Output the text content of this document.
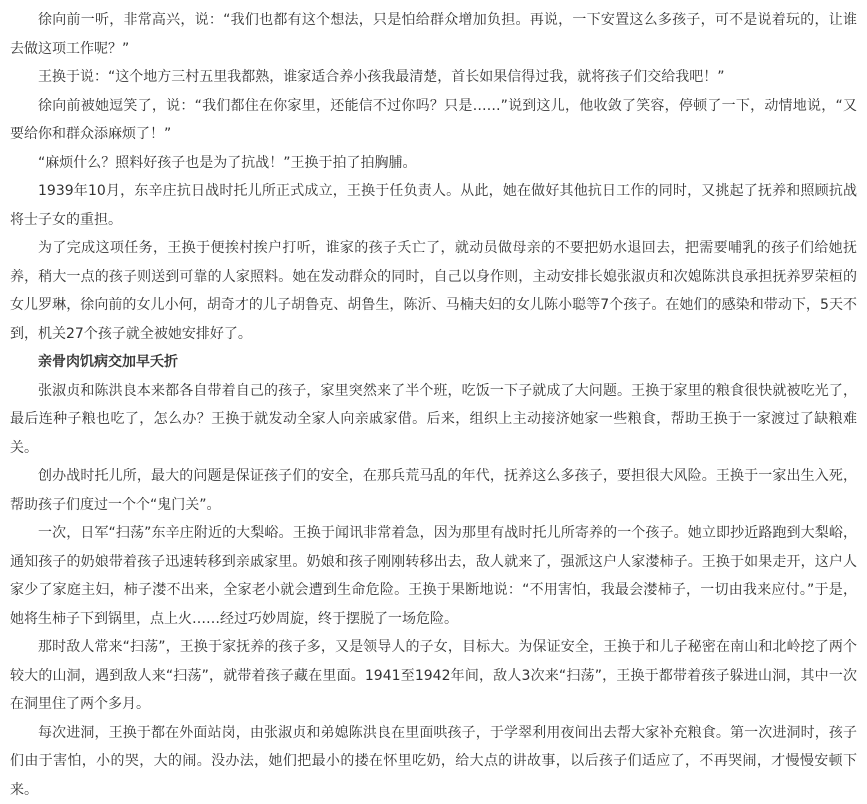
徐向前一听，非常高兴，说：“我们也都有这个想法，只是怕给群众增加负担。再说，一下安置这么多孩子，可不是说着玩的，让谁去做这项工作呢？”

王换于说：“这个地方三村五里我都熟，谁家适合养小孩我最清楚，首长如果信得过我，就将孩子们交给我吧！”

徐向前被她逗笑了，说：“我们都住在你家里，还能信不过你吗？只是……”说到这儿，他收敛了笑容，停顿了一下，动情地说，“又要给你和群众添麻烦了！”

“麻烦什么？照料好孩子也是为了抗战！”王换于拍了拍胸脯。

1939年10月，东辛庄抗日战时托儿所正式成立，王换于任负责人。从此，她在做好其他抗日工作的同时，又挑起了抚养和照顾抗战将士子女的重担。

为了完成这项任务，王换于便挨村挨户打听，谁家的孩子夭亡了，就动员做母亲的不要把奶水退回去，把需要哺乳的孩子们给她抚养，稍大一点的孩子则送到可靠的人家照料。她在发动群众的同时，自己以身作则，主动安排长媳张淑贞和次媳陈洪良承担抚养罗荣桓的女儿罗琳，徐向前的女儿小何，胡奇才的儿子胡鲁克、胡鲁生，陈沂、马楠夫妇的女儿陈小聪等7个孩子。在她们的感染和带动下，5天不到，机关27个孩子就全被她安排好了。

亲骨肉饥病交加早夭折

张淑贞和陈洪良本来都各自带着自己的孩子，家里突然来了半个班，吃饭一下子就成了大问题。王换于家里的粮食很快就被吃光了，最后连种子粮也吃了，怎么办？王换于就发动全家人向亲戚家借。后来，组织上主动接济她家一些粮食，帮助王换于一家渡过了缺粮难关。

创办战时托儿所，最大的问题是保证孩子们的安全，在那兵荒马乱的年代，抚养这么多孩子，要担很大风险。王换于一家出生入死，帮助孩子们度过一个个“鬼门关”。

一次，日军“扫荡”东辛庄附近的大梨峪。王换于闻讯非常着急，因为那里有战时托儿所寄养的一个孩子。她立即抄近路跑到大梨峪，通知孩子的奶娘带着孩子迅速转移到亲戚家里。奶娘和孩子刚刚转移出去，敌人就来了，强派这户人家漤柿子。王换于如果走开，这户人家少了家庭主妇，柿子漤不出来，全家老小就会遭到生命危险。王换于果断地说：“不用害怕，我最会漤柿子，一切由我来应付。”于是，她将生柿子下到锅里，点上火……经过巧妙周旋，终于摆脱了一场危险。

那时敌人常来“扫荡”，王换于家抚养的孩子多，又是领导人的子女，目标大。为保证安全，王换于和儿子秘密在南山和北岭挖了两个较大的山洞，遇到敌人来“扫荡”，就带着孩子藏在里面。1941至1942年间，敌人3次来“扫荡”，王换于都带着孩子躲进山洞，其中一次在洞里住了两个多月。

每次进洞，王换于都在外面站岗，由张淑贞和弟媳陈洪良在里面哄孩子，于学翠利用夜间出去帮大家补充粮食。第一次进洞时，孩子们由于害怕，小的哭，大的闹。没办法，她们把最小的搂在怀里吃奶，给大点的讲故事，以后孩子们适应了，不再哭闹，才慢慢安顿下来。
